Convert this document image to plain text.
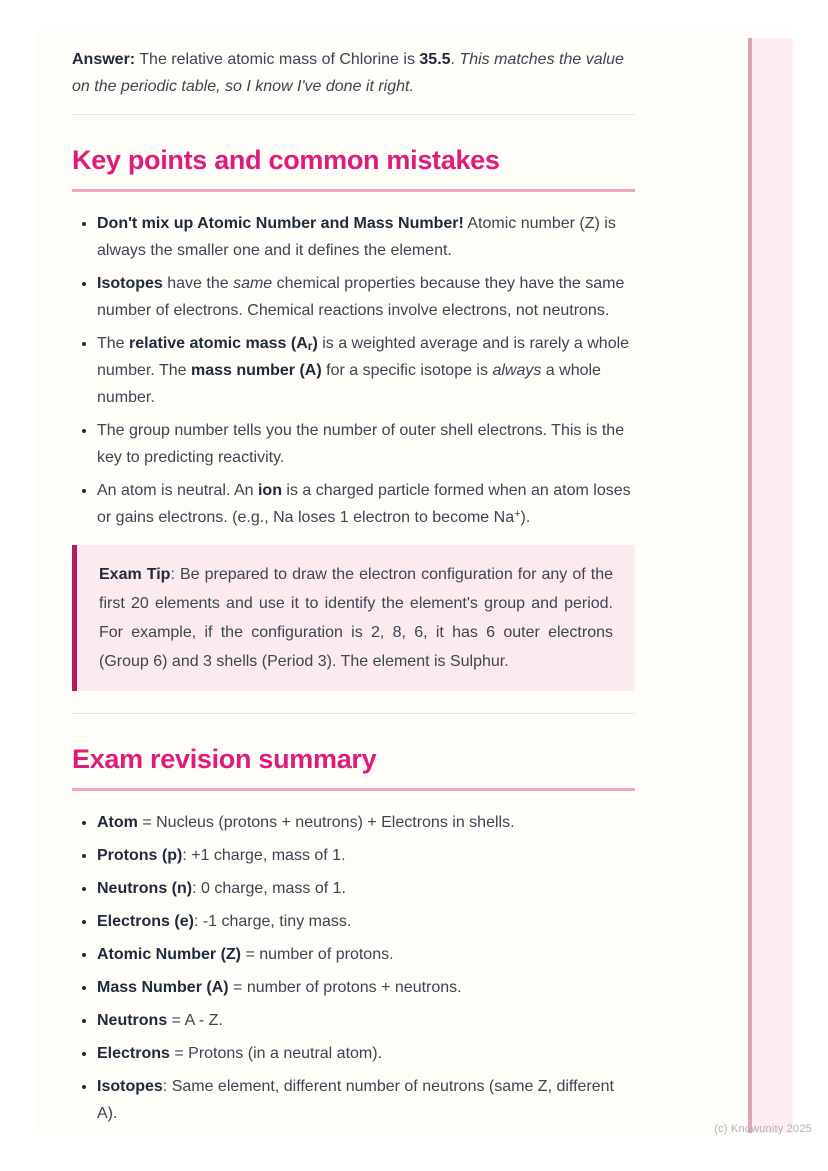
Answer: The relative atomic mass of Chlorine is 35.5. This matches the value on the periodic table, so I know I've done it right.

Key points and common mistakes
• Don't mix up Atomic Number and Mass Number! Atomic number (Z) is always the smaller one and it defines the element.
• Isotopes have the same chemical properties because they have the same number of electrons. Chemical reactions involve electrons, not neutrons.
• The relative atomic mass (Ar) is a weighted average and is rarely a whole number. The mass number (A) for a specific isotope is always a whole number.
• The group number tells you the number of outer shell electrons. This is the key to predicting reactivity.
• An atom is neutral. An ion is a charged particle formed when an atom loses or gains electrons. (e.g., Na loses 1 electron to become Na+).
Exam Tip: Be prepared to draw the electron configuration for any of the first 20 elements and use it to identify the element's group and period. For example, if the configuration is 2, 8, 6, it has 6 outer electrons (Group 6) and 3 shells (Period 3). The element is Sulphur.
Exam revision summary
• Atom = Nucleus (protons + neutrons) + Electrons in shells.
• Protons (p): +1 charge, mass of 1.
• Neutrons (n): 0 charge, mass of 1.
• Electrons (e): -1 charge, tiny mass.
• Atomic Number (Z) = number of protons.
• Mass Number (A) = number of protons + neutrons.
• Neutrons = A - Z.
• Electrons = Protons (in a neutral atom).
• Isotopes: Same element, different number of neutrons (same Z, different A).
(c) Knowunity 2025
